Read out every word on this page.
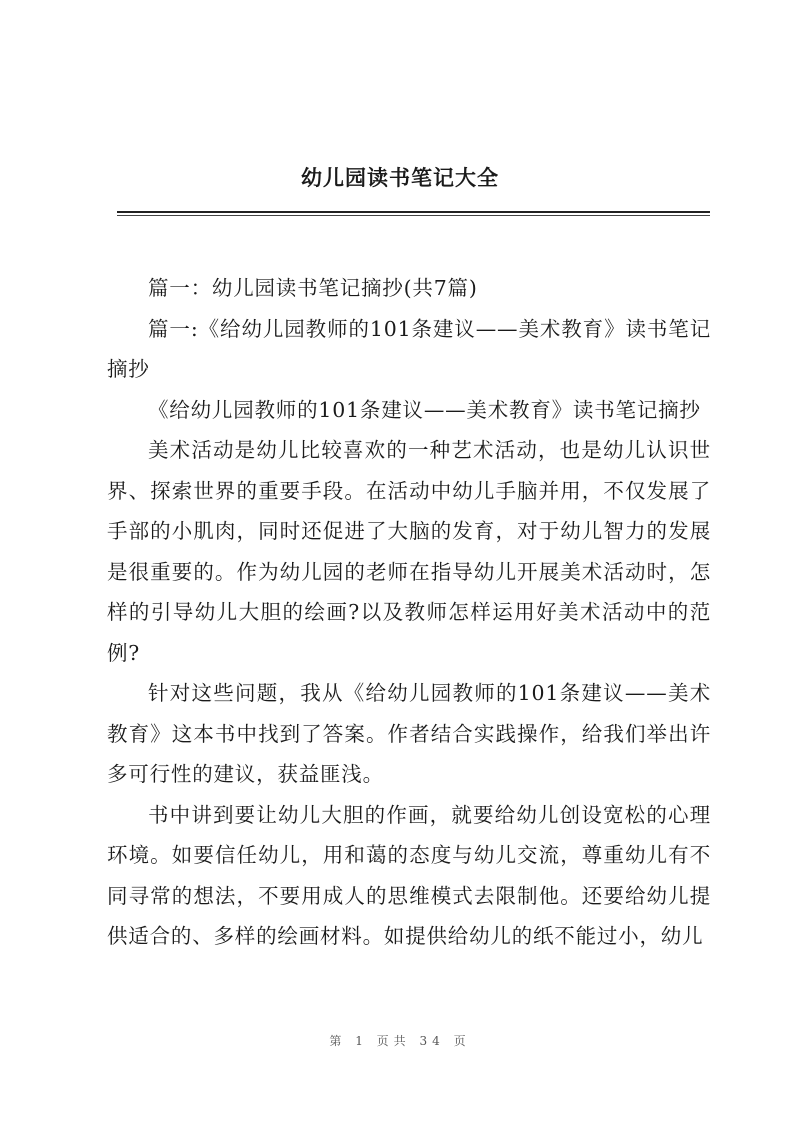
幼儿园读书笔记大全

篇一：幼儿园读书笔记摘抄(共7篇)

篇一:《给幼儿园教师的101条建议——美术教育》读书笔记摘抄

《给幼儿园教师的101条建议——美术教育》读书笔记摘抄

美术活动是幼儿比较喜欢的一种艺术活动，也是幼儿认识世界、探索世界的重要手段。在活动中幼儿手脑并用，不仅发展了手部的小肌肉，同时还促进了大脑的发育，对于幼儿智力的发展是很重要的。作为幼儿园的老师在指导幼儿开展美术活动时，怎样的引导幼儿大胆的绘画?以及教师怎样运用好美术活动中的范例?

针对这些问题，我从《给幼儿园教师的101条建议——美术教育》这本书中找到了答案。作者结合实践操作，给我们举出许多可行性的建议，获益匪浅。

书中讲到要让幼儿大胆的作画，就要给幼儿创设宽松的心理环境。如要信任幼儿，用和蔼的态度与幼儿交流，尊重幼儿有不同寻常的想法，不要用成人的思维模式去限制他。还要给幼儿提供适合的、多样的绘画材料。如提供给幼儿的纸不能过小，幼儿

第 1 页共 34 页
